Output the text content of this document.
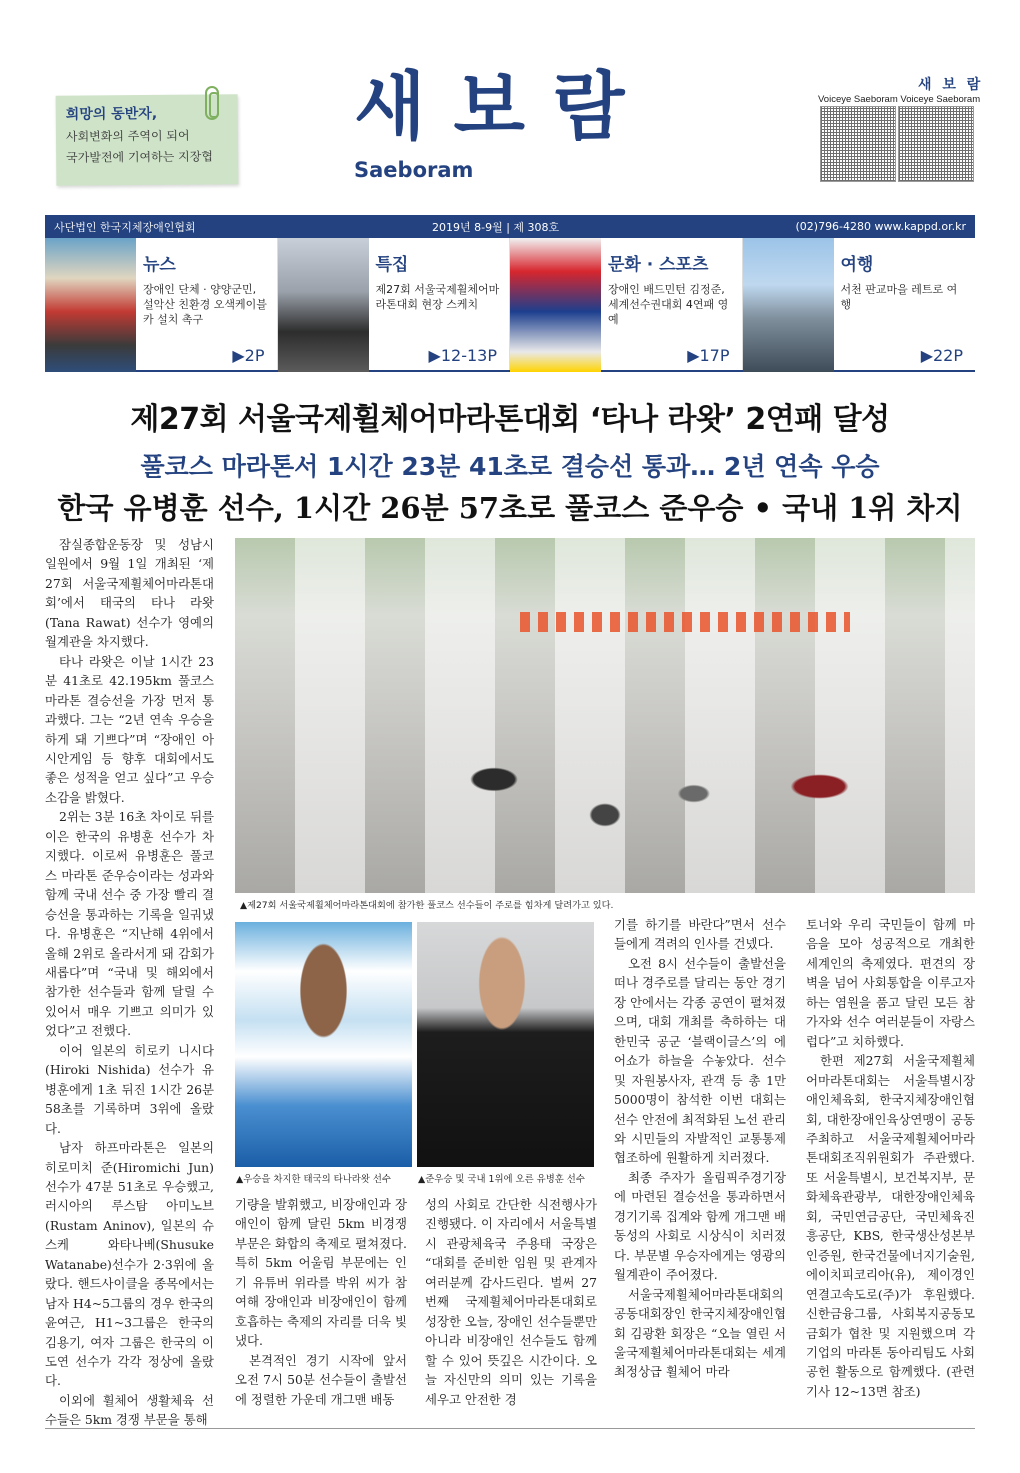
희망의 동반자,
사회변화의 주역이 되어
국가발전에 기여하는 지장협
새보람
Saeboram
새 보 람
Voiceye Saeboram Voiceye Saeboram
사단법인 한국지체장애인협회	2019년 8-9월 | 제 308호	(02)796-4280 www.kappd.or.kr
뉴스
장애인 단체 · 양양군민, 설악산 친환경 오색케이블카 설치 촉구
▶2P
특집
제27회 서울국제휠체어마라톤대회 현장 스케치
▶12-13P
문화 · 스포츠
장애인 배드민턴 김정준, 세계선수권대회 4연패 영예
▶17P
여행
서천 판교마을 레트로 여행
▶22P
제27회 서울국제휠체어마라톤대회 ‘타나 라왓’ 2연패 달성
풀코스 마라톤서 1시간 23분 41초로 결승선 통과… 2년 연속 우승
한국 유병훈 선수, 1시간 26분 57초로 풀코스 준우승 • 국내 1위 차지
▲제27회 서울국제휠체어마라톤대회에 참가한 풀코스 선수들이 주로를 힘차게 달려가고 있다.
▲우승을 차지한 태국의 타나라왓 선수	▲준우승 및 국내 1위에 오른 유병훈 선수

잠실종합운동장 및 성남시 일원에서 9월 1일 개최된 ‘제27회 서울국제휠체어마라톤대회’에서 태국의 타나 라왓(Tana Rawat) 선수가 영예의 월계관을 차지했다.

타나 라왓은 이날 1시간 23분 41초로 42.195km 풀코스 마라톤 결승선을 가장 먼저 통과했다. 그는 “2년 연속 우승을 하게 돼 기쁘다”며 “장애인 아시안게임 등 향후 대회에서도 좋은 성적을 얻고 싶다”고 우승 소감을 밝혔다.

2위는 3분 16초 차이로 뒤를 이은 한국의 유병훈 선수가 차지했다. 이로써 유병훈은 풀코스 마라톤 준우승이라는 성과와 함께 국내 선수 중 가장 빨리 결승선을 통과하는 기록을 일궈냈다. 유병훈은 “지난해 4위에서 올해 2위로 올라서게 돼 감회가 새롭다”며 “국내 및 해외에서 참가한 선수들과 함께 달릴 수 있어서 매우 기쁘고 의미가 있었다”고 전했다.

이어 일본의 히로키 니시다(Hiroki Nishida) 선수가 유병훈에게 1초 뒤진 1시간 26분 58초를 기록하며 3위에 올랐다.

남자 하프마라톤은 일본의 히로미치 준(Hiromichi Jun) 선수가 47분 51초로 우승했고, 러시아의 루스탐 아미노브(Rustam Aninov), 일본의 슈스케 와타나베(Shusuke Watanabe)선수가 2·3위에 올랐다. 핸드사이클을 종목에서는 남자 H4~5그룹의 경우 한국의 윤여근, H1~3그룹은 한국의 김용기, 여자 그룹은 한국의 이도연 선수가 각각 정상에 올랐다.

이외에 휠체어 생활체육 선수들은 5km 경쟁 부문을 통해

기량을 발휘했고, 비장애인과 장애인이 함께 달린 5km 비경쟁 부문은 화합의 축제로 펼쳐졌다. 특히 5km 어울림 부문에는 인기 유튜버 위라를 박위 씨가 참여해 장애인과 비장애인이 함께 호흡하는 축제의 자리를 더욱 빛냈다.

본격적인 경기 시작에 앞서 오전 7시 50분 선수들이 출발선에 정렬한 가운데 개그맨 배동

성의 사회로 간단한 식전행사가 진행됐다. 이 자리에서 서울특별시 관광체육국 주용태 국장은 “대회를 준비한 임원 및 관계자 여러분께 감사드린다. 벌써 27번째 국제휠체어마라톤대회로 성장한 오늘, 장애인 선수들뿐만 아니라 비장애인 선수들도 함께할 수 있어 뜻깊은 시간이다. 오늘 자신만의 의미 있는 기록을 세우고 안전한 경

기를 하기를 바란다”면서 선수들에게 격려의 인사를 건넸다.

오전 8시 선수들이 출발선을 떠나 경주로를 달리는 동안 경기장 안에서는 각종 공연이 펼쳐졌으며, 대회 개최를 축하하는 대한민국 공군 ‘블랙이글스’의 에어쇼가 하늘을 수놓았다. 선수 및 자원봉사자, 관객 등 총 1만 5000명이 참석한 이번 대회는 선수 안전에 최적화된 노선 관리와 시민들의 자발적인 교통통제 협조하에 원활하게 치러졌다.

최종 주자가 올림픽주경기장에 마련된 결승선을 통과하면서 경기기록 집계와 함께 개그맨 배동성의 사회로 시상식이 치러졌다. 부문별 우승자에게는 영광의 월계관이 주어졌다.

서울국제휠체어마라톤대회의 공동대회장인 한국지체장애인협회 김광환 회장은 “오늘 열린 서울국제휠체어마라톤대회는 세계 최정상급 휠체어 마라

토너와 우리 국민들이 함께 마음을 모아 성공적으로 개최한 세계인의 축제였다. 편견의 장벽을 넘어 사회통합을 이루고자 하는 염원을 품고 달린 모든 참가자와 선수 여러분들이 자랑스럽다”고 치하했다.

한편 제27회 서울국제휠체어마라톤대회는 서울특별시장애인체육회, 한국지체장애인협회, 대한장애인육상연맹이 공동주최하고 서울국제휠체어마라톤대회조직위원회가 주관했다. 또 서울특별시, 보건복지부, 문화체육관광부, 대한장애인체육회, 국민연금공단, 국민체육진흥공단, KBS, 한국생산성본부인증원, 한국건물에너지기술원, 에이치피코리아(유), 제이경인연결고속도로(주)가 후원했다. 신한금융그룹, 사회복지공동모금회가 협찬 및 지원했으며 각 기업의 마라톤 동아리팀도 사회공헌 활동으로 함께했다. (관련기사 12~13면 참조)
